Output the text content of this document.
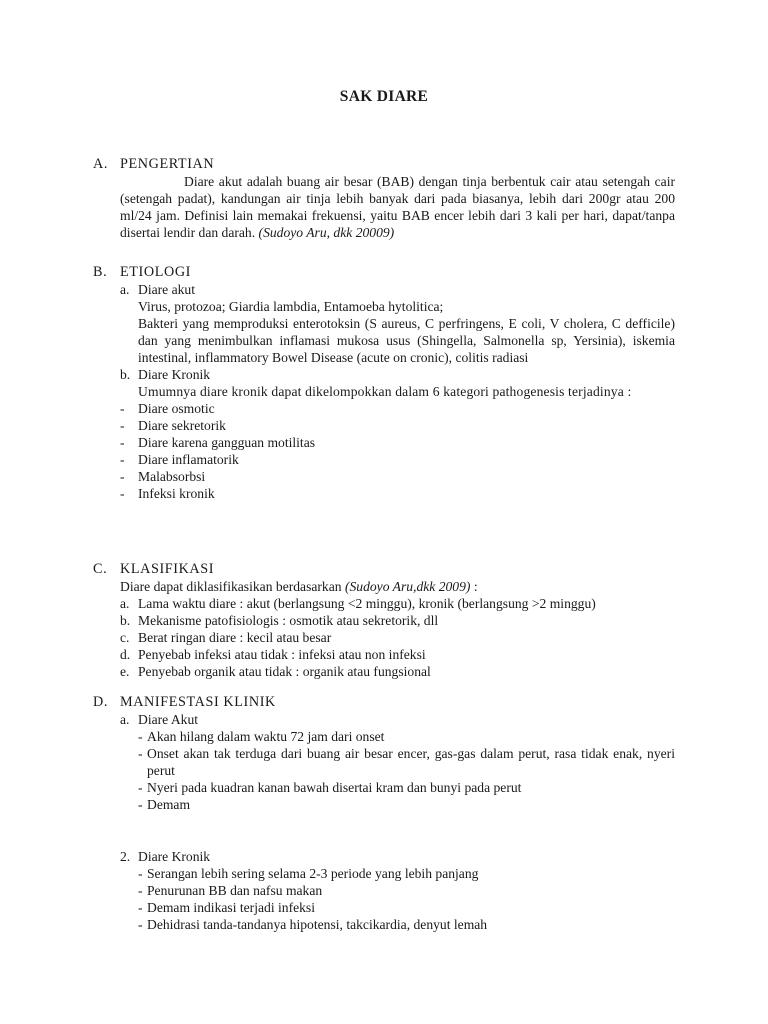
SAK DIARE
A. PENGERTIAN
Diare akut adalah buang air besar (BAB) dengan tinja berbentuk cair atau setengah cair (setengah padat), kandungan air tinja lebih banyak dari pada biasanya, lebih dari 200gr atau 200 ml/24 jam. Definisi lain memakai frekuensi, yaitu BAB encer lebih dari 3 kali per hari, dapat/tanpa disertai lendir dan darah. (Sudoyo Aru, dkk 20009)
B. ETIOLOGI
a. Diare akut
Virus, protozoa; Giardia lambdia, Entamoeba hytolitica;
Bakteri yang memproduksi enterotoksin (S aureus, C perfringens, E coli, V cholera, C defficile) dan yang menimbulkan inflamasi mukosa usus (Shingella, Salmonella sp, Yersinia), iskemia intestinal, inflammatory Bowel Disease (acute on cronic), colitis radiasi
b. Diare Kronik
Umumnya diare kronik dapat dikelompokkan dalam 6 kategori pathogenesis terjadinya :
- Diare osmotic
- Diare sekretorik
- Diare karena gangguan motilitas
- Diare inflamatorik
- Malabsorbsi
- Infeksi kronik
C. KLASIFIKASI
Diare dapat diklasifikasikan berdasarkan (Sudoyo Aru,dkk 2009) :
a. Lama waktu diare : akut (berlangsung <2 minggu), kronik (berlangsung >2 minggu)
b. Mekanisme patofisiologis : osmotik atau sekretorik, dll
c. Berat ringan diare : kecil atau besar
d. Penyebab infeksi atau tidak : infeksi atau non infeksi
e. Penyebab organik atau tidak : organik atau fungsional
D. MANIFESTASI KLINIK
a. Diare Akut
- Akan hilang dalam waktu 72 jam dari onset
- Onset akan tak terduga dari buang air besar encer, gas-gas dalam perut, rasa tidak enak, nyeri perut
- Nyeri pada kuadran kanan bawah disertai kram dan bunyi pada perut
- Demam
2. Diare Kronik
- Serangan lebih sering selama 2-3 periode yang lebih panjang
- Penurunan BB dan nafsu makan
- Demam indikasi terjadi infeksi
- Dehidrasi tanda-tandanya hipotensi, takcikardia, denyut lemah
